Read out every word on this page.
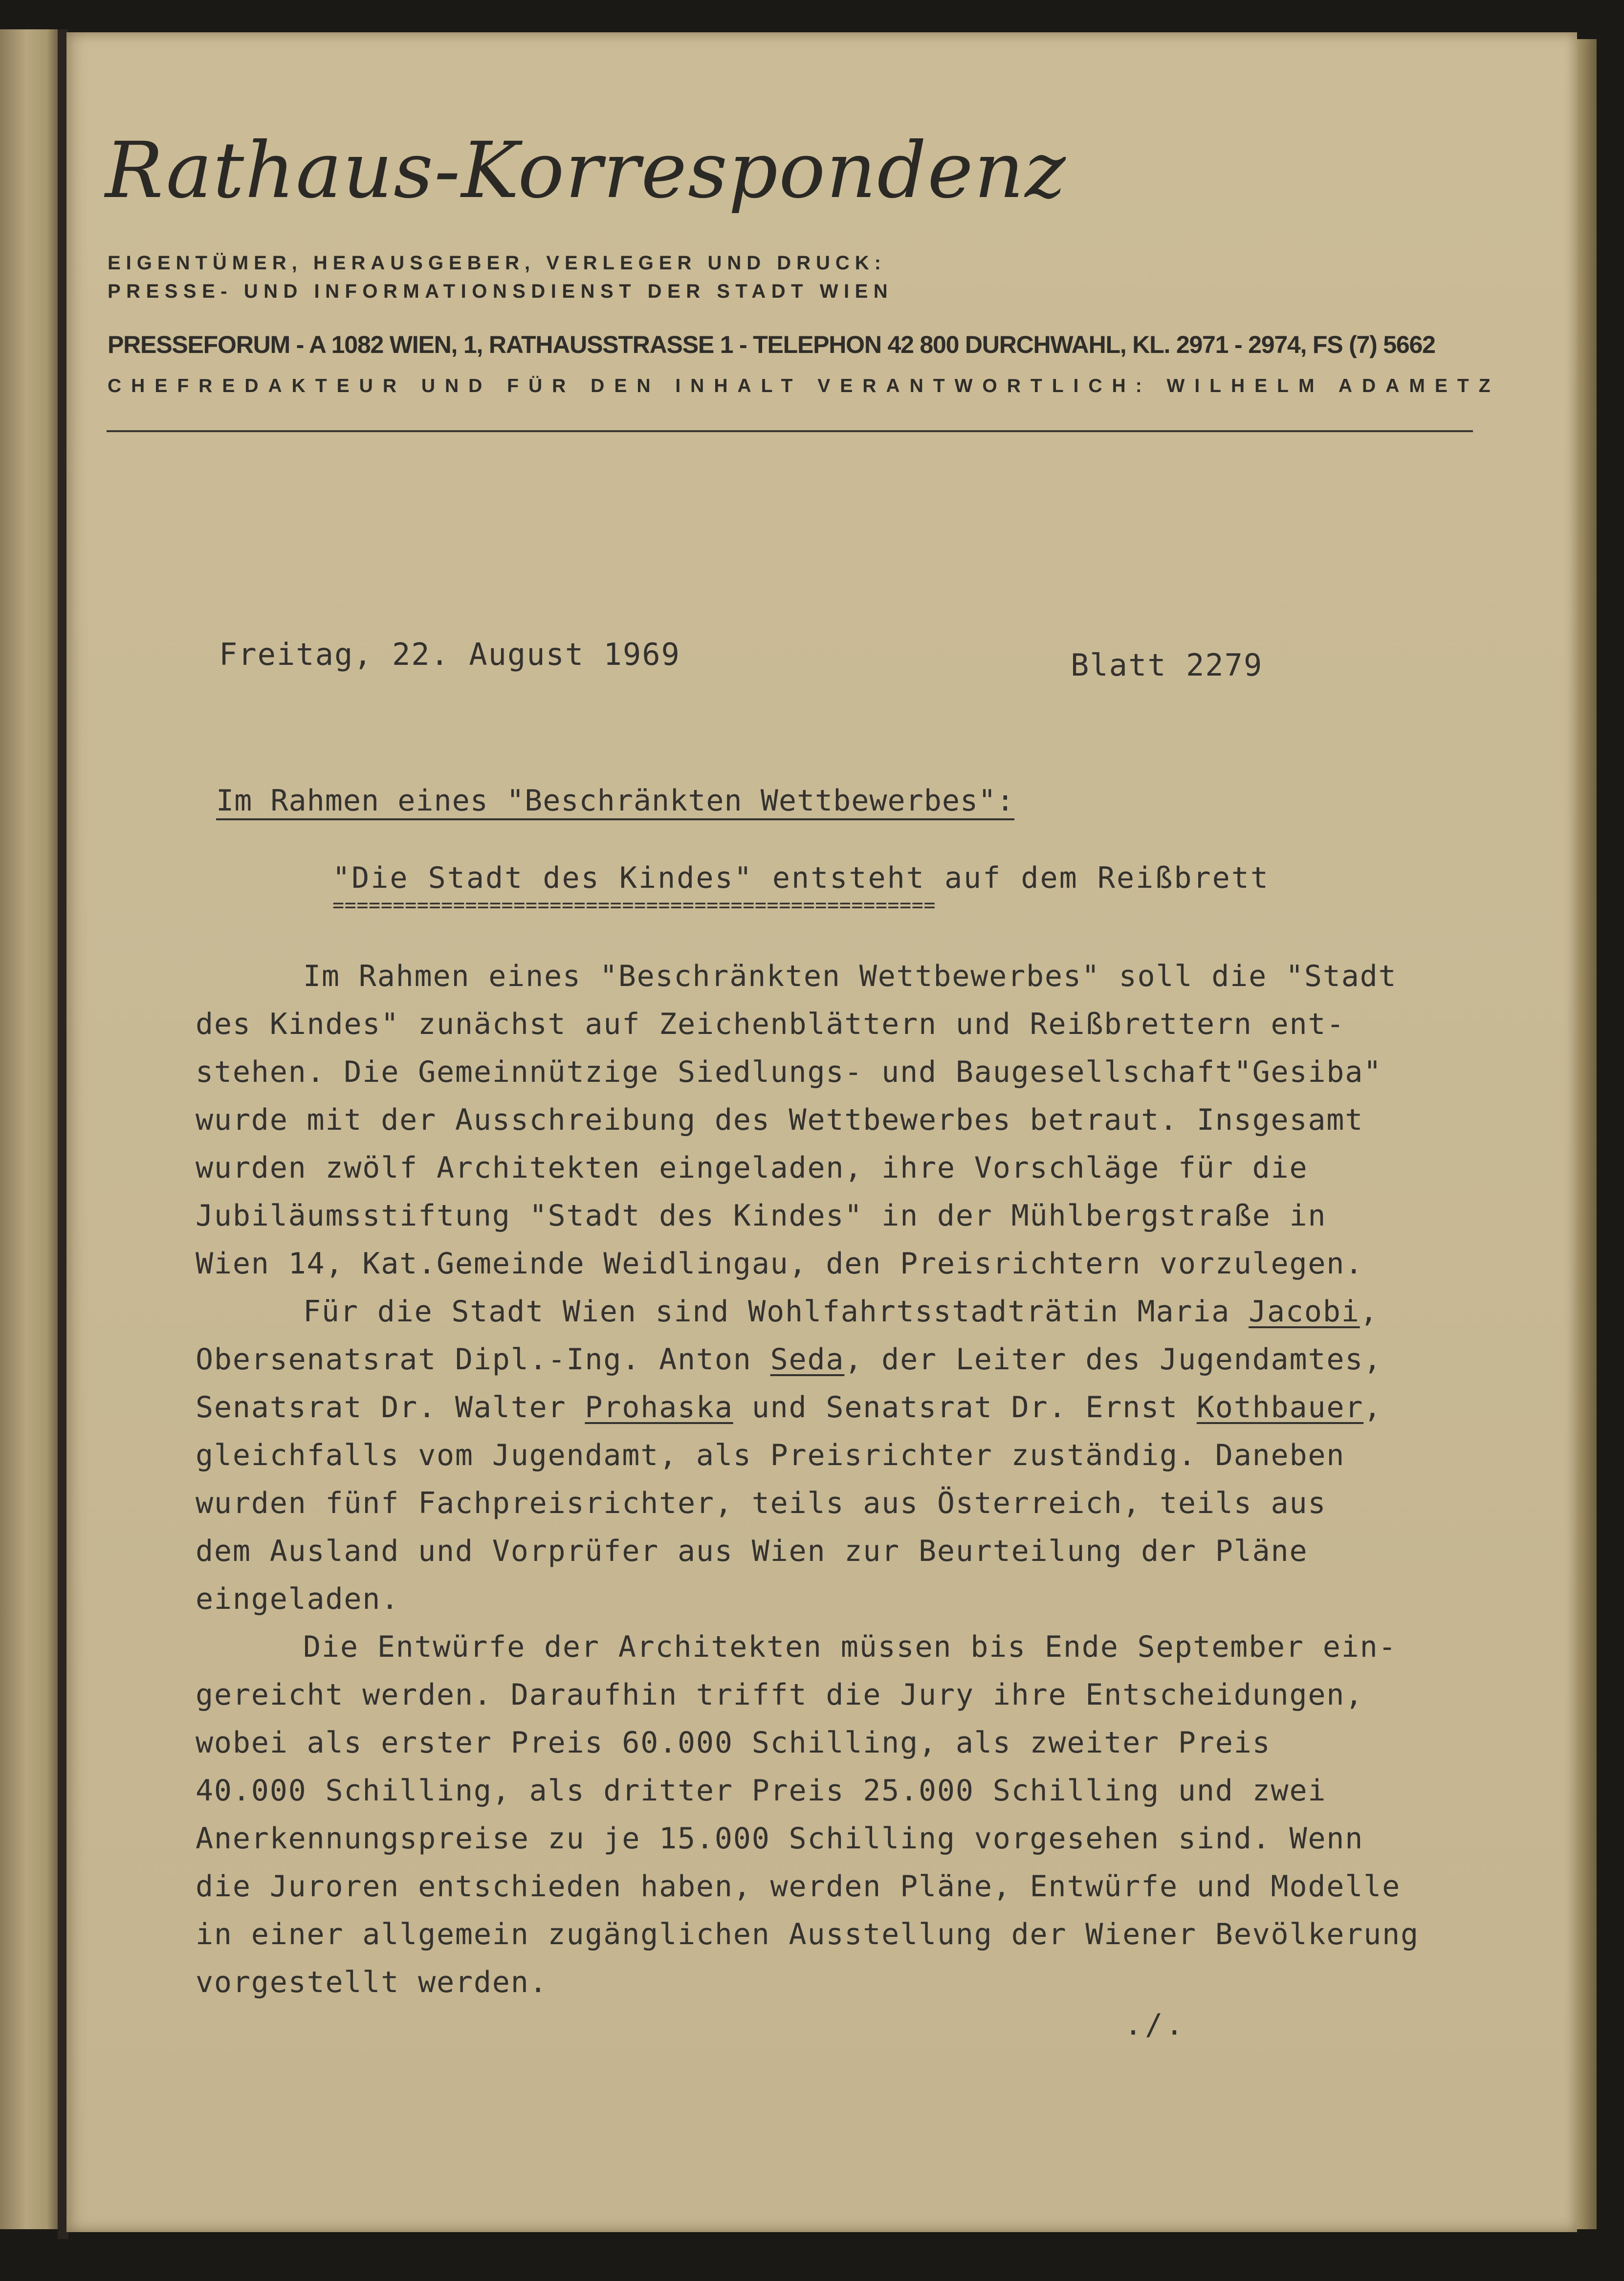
Rathaus-Korrespondenz
EIGENTÜMER, HERAUSGEBER, VERLEGER UND DRUCK:
PRESSE- UND INFORMATIONSDIENST DER STADT WIEN
PRESSEFORUM - A 1082 WIEN, 1, RATHAUSSTRASSE 1 - TELEPHON 42 800 DURCHWAHL, KL. 2971 - 2974, FS (7) 5662
CHEFREDAKTEUR UND FÜR DEN INHALT VERANTWORTLICH: WILHELM ADAMETZ
Freitag, 22. August 1969	Blatt 2279
Im Rahmen eines "Beschränkten Wettbewerbes":
"Die Stadt des Kindes" entsteht auf dem Reißbrett
==================================================

Im Rahmen eines "Beschränkten Wettbewerbes" soll die "Stadt
des Kindes" zunächst auf Zeichenblättern und Reißbrettern ent-
stehen. Die Gemeinnützige Siedlungs- und Baugesellschaft"Gesiba"
wurde mit der Ausschreibung des Wettbewerbes betraut. Insgesamt
wurden zwölf Architekten eingeladen, ihre Vorschläge für die
Jubiläumsstiftung "Stadt des Kindes" in der Mühlbergstraße in
Wien 14, Kat.Gemeinde Weidlingau, den Preisrichtern vorzulegen.

Für die Stadt Wien sind Wohlfahrtsstadträtin Maria Jacobi,
Obersenatsrat Dipl.-Ing. Anton Seda, der Leiter des Jugendamtes,
Senatsrat Dr. Walter Prohaska und Senatsrat Dr. Ernst Kothbauer,
gleichfalls vom Jugendamt, als Preisrichter zuständig. Daneben
wurden fünf Fachpreisrichter, teils aus Österreich, teils aus
dem Ausland und Vorprüfer aus Wien zur Beurteilung der Pläne
eingeladen.

Die Entwürfe der Architekten müssen bis Ende September ein-
gereicht werden. Daraufhin trifft die Jury ihre Entscheidungen,
wobei als erster Preis 60.000 Schilling, als zweiter Preis
40.000 Schilling, als dritter Preis 25.000 Schilling und zwei
Anerkennungspreise zu je 15.000 Schilling vorgesehen sind. Wenn
die Juroren entschieden haben, werden Pläne, Entwürfe und Modelle
in einer allgemein zugänglichen Ausstellung der Wiener Bevölkerung
vorgestellt werden.

./.
